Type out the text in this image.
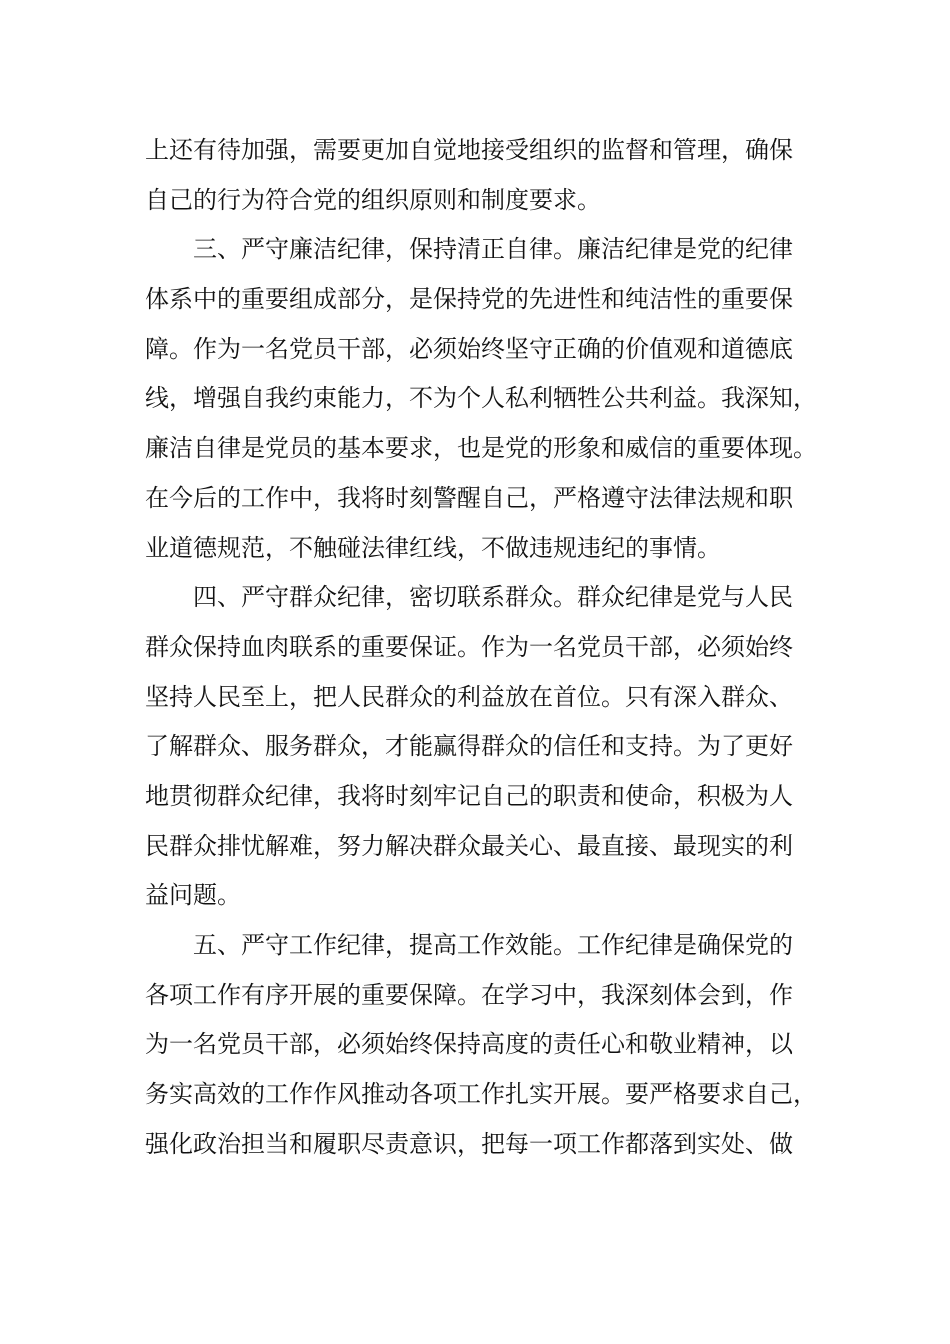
上还有待加强，需要更加自觉地接受组织的监督和管理，确保
自己的行为符合党的组织原则和制度要求。
　　三、严守廉洁纪律，保持清正自律。廉洁纪律是党的纪律
体系中的重要组成部分，是保持党的先进性和纯洁性的重要保
障。作为一名党员干部，必须始终坚守正确的价值观和道德底
线，增强自我约束能力，不为个人私利牺牲公共利益。我深知，
廉洁自律是党员的基本要求，也是党的形象和威信的重要体现。
在今后的工作中，我将时刻警醒自己，严格遵守法律法规和职
业道德规范，不触碰法律红线，不做违规违纪的事情。
　　四、严守群众纪律，密切联系群众。群众纪律是党与人民
群众保持血肉联系的重要保证。作为一名党员干部，必须始终
坚持人民至上，把人民群众的利益放在首位。只有深入群众、
了解群众、服务群众，才能赢得群众的信任和支持。为了更好
地贯彻群众纪律，我将时刻牢记自己的职责和使命，积极为人
民群众排忧解难，努力解决群众最关心、最直接、最现实的利
益问题。
　　五、严守工作纪律，提高工作效能。工作纪律是确保党的
各项工作有序开展的重要保障。在学习中，我深刻体会到，作
为一名党员干部，必须始终保持高度的责任心和敬业精神，以
务实高效的工作作风推动各项工作扎实开展。要严格要求自己，
强化政治担当和履职尽责意识，把每一项工作都落到实处、做
